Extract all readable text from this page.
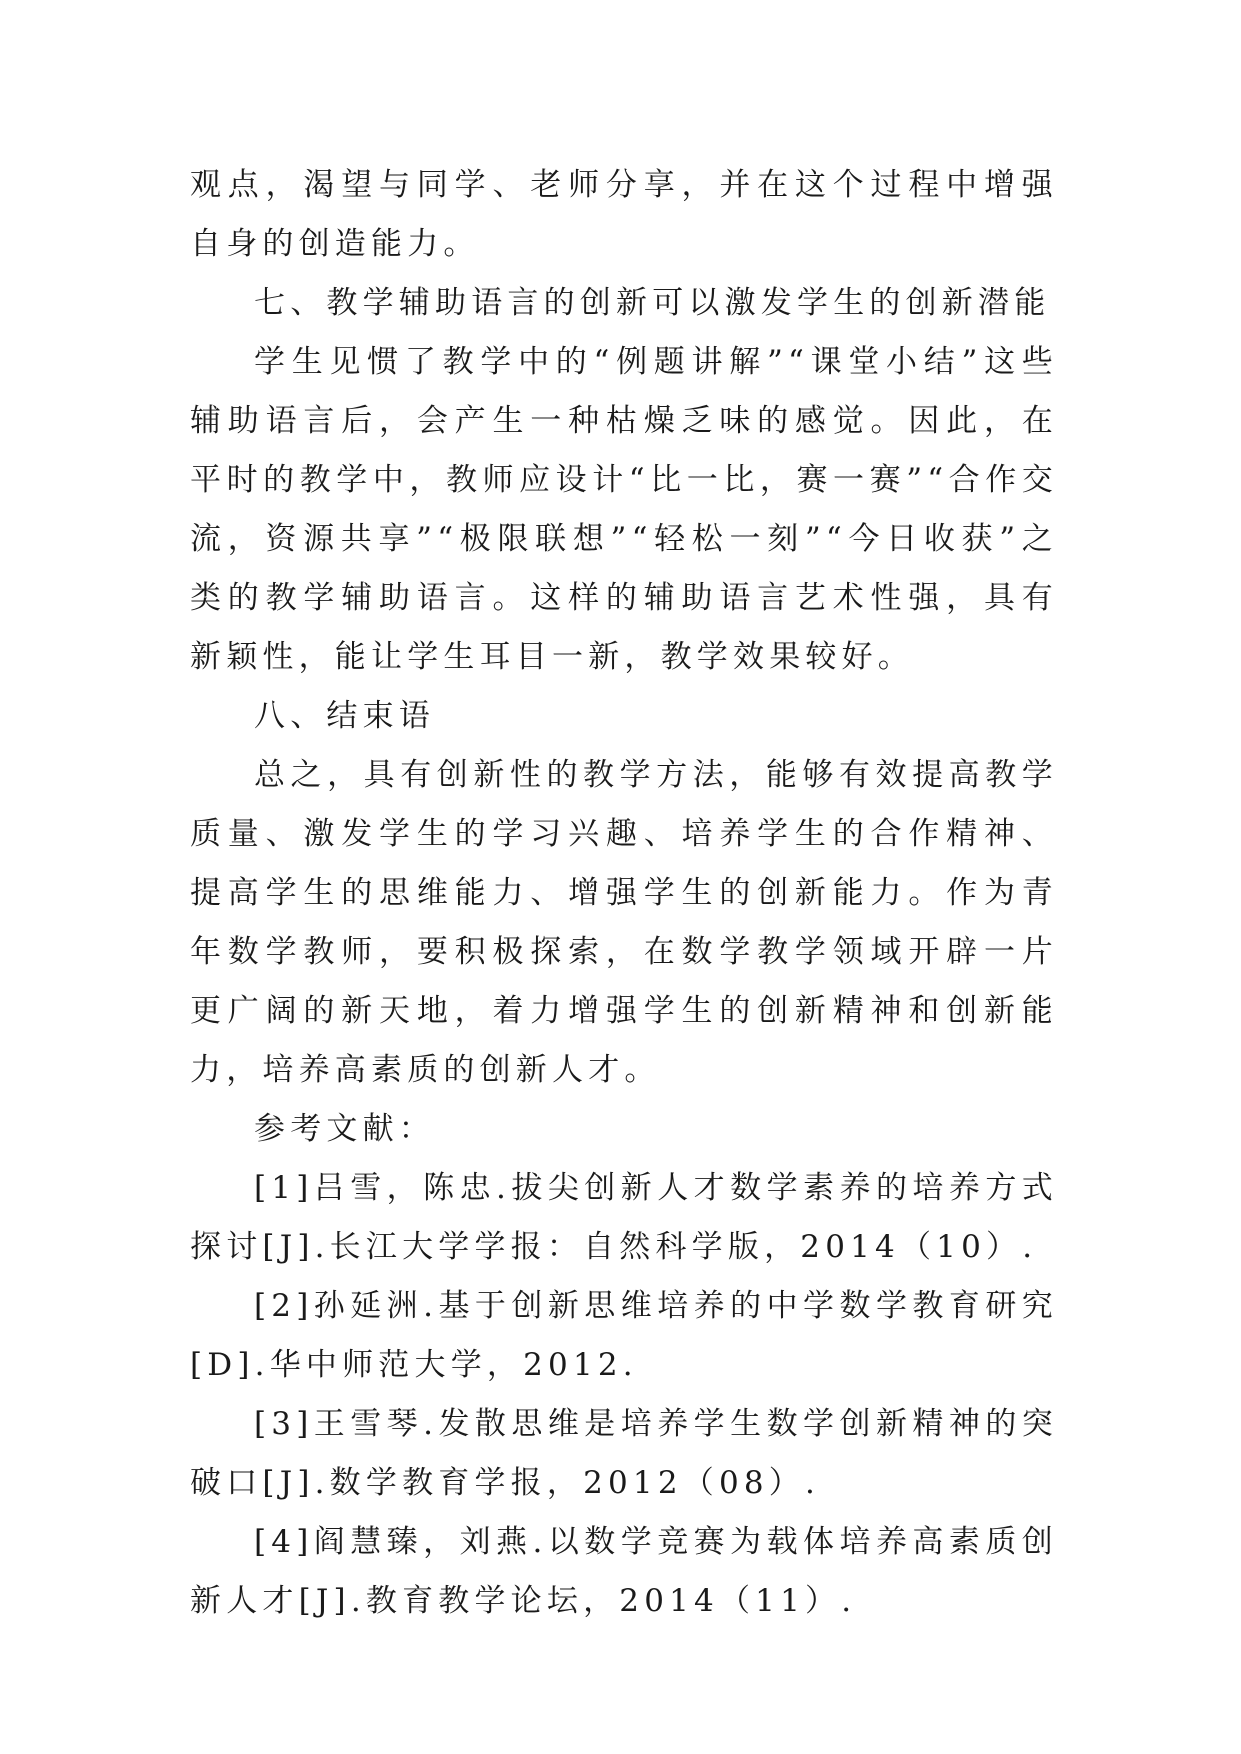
观点，渴望与同学、老师分享，并在这个过程中增强自身的创造能力。

七、教学辅助语言的创新可以激发学生的创新潜能

学生见惯了教学中的“例题讲解”“课堂小结”这些辅助语言后，会产生一种枯燥乏味的感觉。因此，在平时的教学中，教师应设计“比一比，赛一赛”“合作交流，资源共享”“极限联想”“轻松一刻”“今日收获”之类的教学辅助语言。这样的辅助语言艺术性强，具有新颖性，能让学生耳目一新，教学效果较好。

八、结束语

总之，具有创新性的教学方法，能够有效提高教学质量、激发学生的学习兴趣、培养学生的合作精神、提高学生的思维能力、增强学生的创新能力。作为青年数学教师，要积极探索，在数学教学领域开辟一片更广阔的新天地，着力增强学生的创新精神和创新能力，培养高素质的创新人才。

参考文献：

[1]吕雪，陈忠.拔尖创新人才数学素养的培养方式探讨[J].长江大学学报：自然科学版，2014（10）.

[2]孙延洲.基于创新思维培养的中学数学教育研究[D].华中师范大学，2012.

[3]王雪琴.发散思维是培养学生数学创新精神的突破口[J].数学教育学报，2012（08）.

[4]阎慧臻，刘燕.以数学竞赛为载体培养高素质创新人才[J].教育教学论坛，2014（11）.
